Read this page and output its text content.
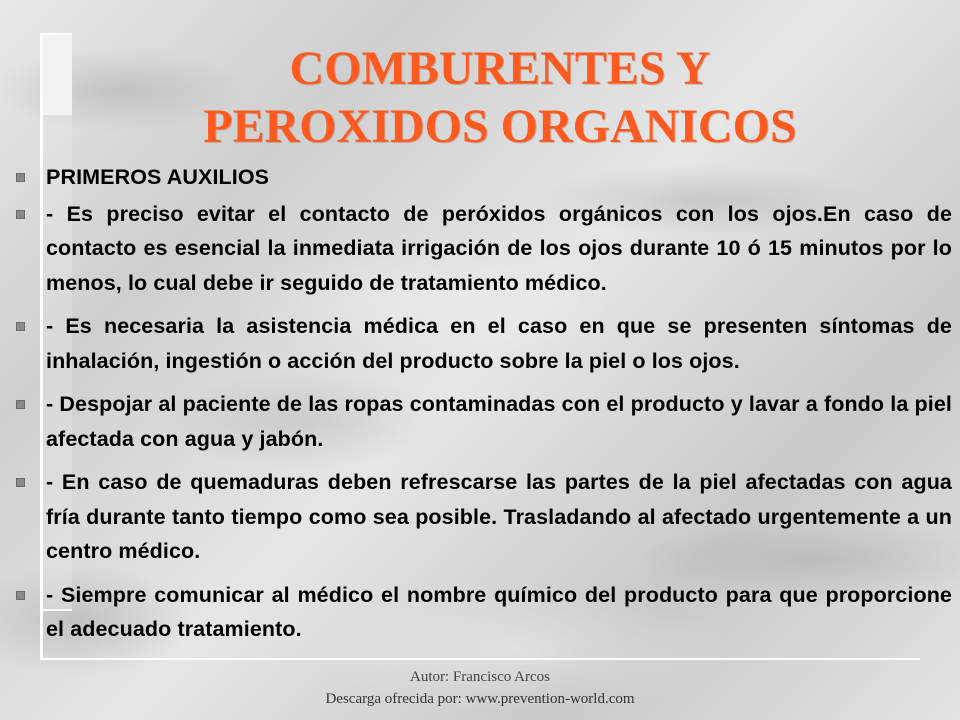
COMBURENTES Y
PEROXIDOS ORGANICOS

PRIMEROS AUXILIOS

- Es preciso evitar el contacto de peróxidos orgánicos con los ojos.En caso de contacto es esencial la inmediata irrigación de los ojos durante 10 ó 15 minutos por lo menos, lo cual debe ir seguido de tratamiento médico.

- Es necesaria la asistencia médica en el caso en que se presenten síntomas de inhalación, ingestión o acción del producto sobre la piel o los ojos.

- Despojar al paciente de las ropas contaminadas con el producto y lavar a fondo la piel afectada con agua y jabón.

- En caso de quemaduras deben refrescarse las partes de la piel afectadas con agua fría durante tanto tiempo como sea posible. Trasladando al afectado urgentemente a un centro médico.

- Siempre comunicar al médico el nombre químico del producto para que proporcione el adecuado tratamiento.

Autor: Francisco Arcos
Descarga ofrecida por: www.prevention-world.com
